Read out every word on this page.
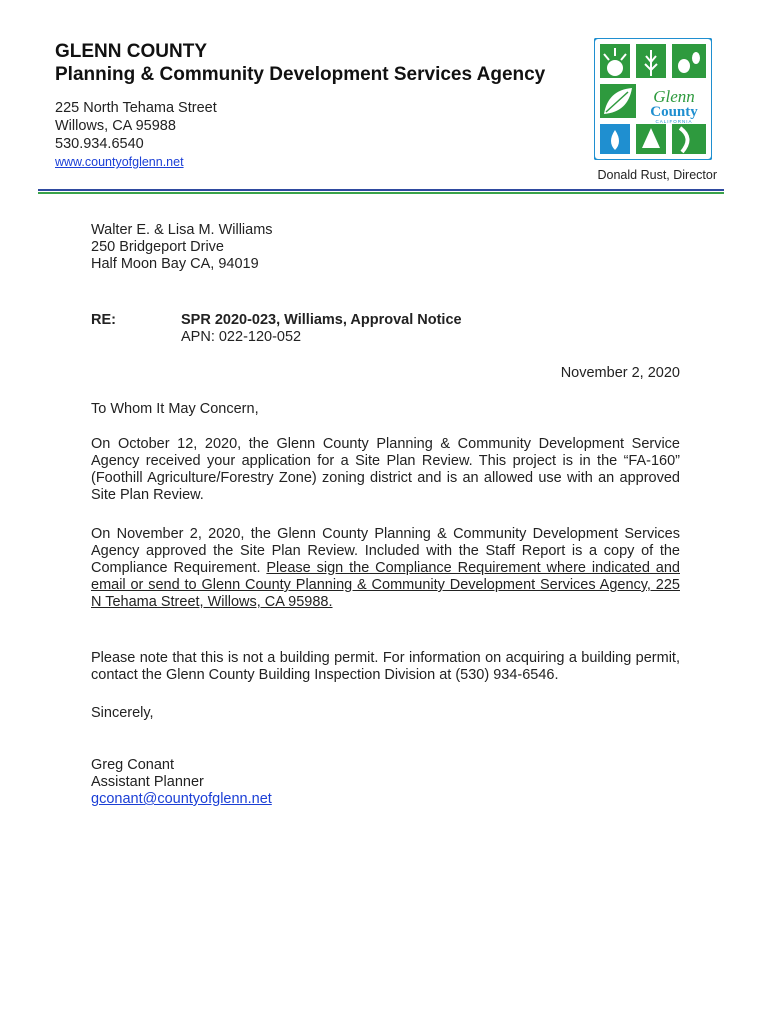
GLENN COUNTY
Planning & Community Development Services Agency
225 North Tehama Street
Willows, CA 95988
530.934.6540
www.countyofglenn.net
Glenn
County
CALIFORNIA
Donald Rust, Director
Walter E. & Lisa M. Williams
250 Bridgeport Drive
Half Moon Bay CA, 94019
RE:	SPR 2020-023, Williams, Approval Notice
APN: 022-120-052
November 2, 2020
To Whom It May Concern,
On October 12, 2020, the Glenn County Planning & Community Development Service Agency received your application for a Site Plan Review. This project is in the “FA-160” (Foothill Agriculture/Forestry Zone) zoning district and is an allowed use with an approved Site Plan Review.
On November 2, 2020, the Glenn County Planning & Community Development Services Agency approved the Site Plan Review. Included with the Staff Report is a copy of the Compliance Requirement. Please sign the Compliance Requirement where indicated and email or send to Glenn County Planning & Community Development Services Agency, 225 N Tehama Street, Willows, CA 95988.
Please note that this is not a building permit. For information on acquiring a building permit, contact the Glenn County Building Inspection Division at (530) 934-6546.
Sincerely,
Greg Conant
Assistant Planner
gconant@countyofglenn.net
